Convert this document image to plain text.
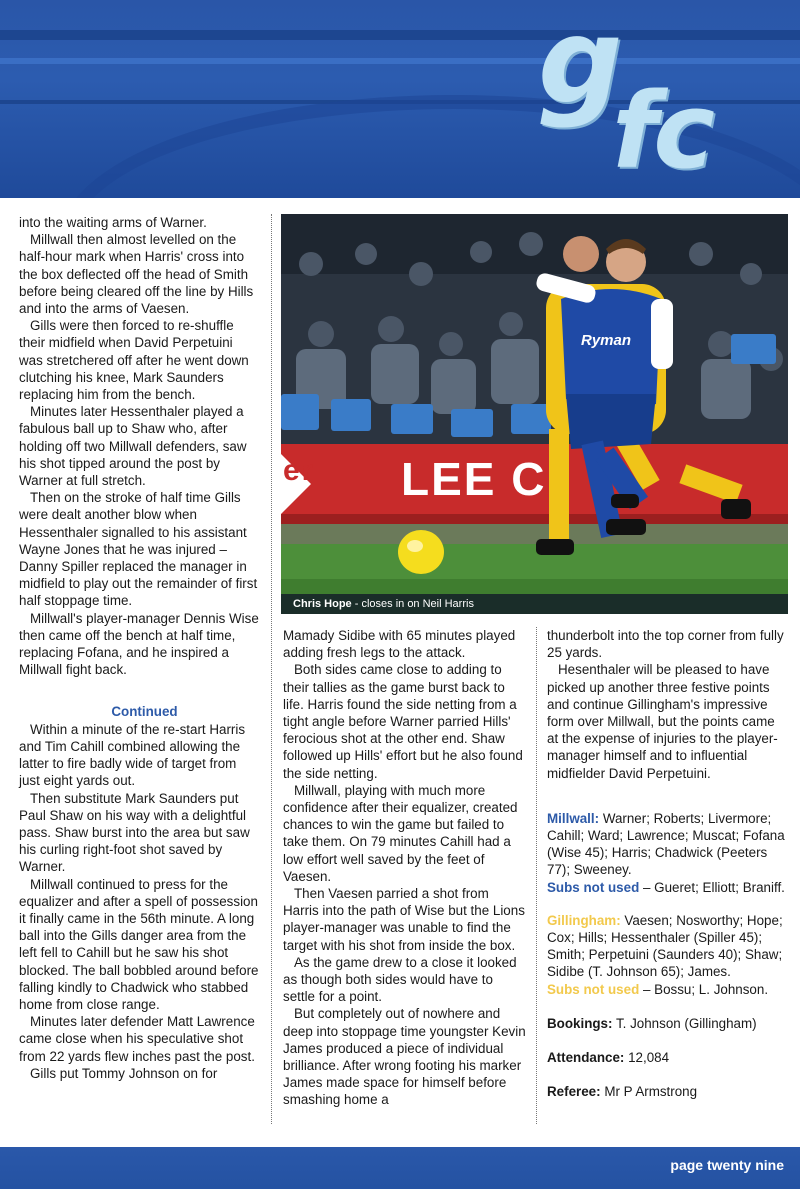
g
fc

into the waiting arms of Warner.

Millwall then almost levelled on the half-hour mark when Harris' cross into the box deflected off the head of Smith before being cleared off the line by Hills and into the arms of Vaesen.

Gills were then forced to re-shuffle their midfield when David Perpetuini was stretchered off after he went down clutching his knee, Mark Saunders replacing him from the bench.

Minutes later Hessenthaler played a fabulous ball up to Shaw who, after holding off two Millwall defenders, saw his shot tipped around the post by Warner at full stretch.

Then on the stroke of half time Gills were dealt another blow when Hessenthaler signalled to his assistant Wayne Jones that he was injured – Danny Spiller replaced the manager in midfield to play out the remainder of first half stoppage time.

Millwall's player-manager Dennis Wise then came off the bench at half time, replacing Fofana, and he inspired a Millwall fight back.

Continued

Within a minute of the re-start Harris and Tim Cahill combined allowing the latter to fire badly wide of target from just eight yards out.

Then substitute Mark Saunders put Paul Shaw on his way with a delightful pass. Shaw burst into the area but saw his curling right-foot shot saved by Warner.

Millwall continued to press for the equalizer and after a spell of possession it finally came in the 56th minute. A long ball into the Gills danger area from the left fell to Cahill but he saw his shot blocked. The ball bobbled around before falling kindly to Chadwick who stabbed home from close range.

Minutes later defender Matt Lawrence came close when his speculative shot from 22 yards flew inches past the post.

Gills put Tommy Johnson on for

er LEE C
Ryman
Chris Hope - closes in on Neil Harris

Mamady Sidibe with 65 minutes played adding fresh legs to the attack.

Both sides came close to adding to their tallies as the game burst back to life. Harris found the side netting from a tight angle before Warner parried Hills' ferocious shot at the other end. Shaw followed up Hills' effort but he also found the side netting.

Millwall, playing with much more confidence after their equalizer, created chances to win the game but failed to take them. On 79 minutes Cahill had a low effort well saved by the feet of Vaesen.

Then Vaesen parried a shot from Harris into the path of Wise but the Lions player-manager was unable to find the target with his shot from inside the box.

As the game drew to a close it looked as though both sides would have to settle for a point.

But completely out of nowhere and deep into stoppage time youngster Kevin James produced a piece of individual brilliance. After wrong footing his marker James made space for himself before smashing home a

thunderbolt into the top corner from fully 25 yards.

Hesenthaler will be pleased to have picked up another three festive points and continue Gillingham's impressive form over Millwall, but the points came at the expense of injuries to the player-manager himself and to influential midfielder David Perpetuini.

Millwall: Warner; Roberts; Livermore; Cahill; Ward; Lawrence; Muscat; Fofana (Wise 45); Harris; Chadwick (Peeters 77); Sweeney.

Subs not used – Gueret; Elliott; Braniff.

Gillingham: Vaesen; Nosworthy; Hope; Cox; Hills; Hessenthaler (Spiller 45); Smith; Perpetuini (Saunders 40); Shaw; Sidibe (T. Johnson 65); James.

Subs not used – Bossu; L. Johnson.

Bookings: T. Johnson (Gillingham)

Attendance: 12,084

Referee: Mr P Armstrong

page twenty nine
